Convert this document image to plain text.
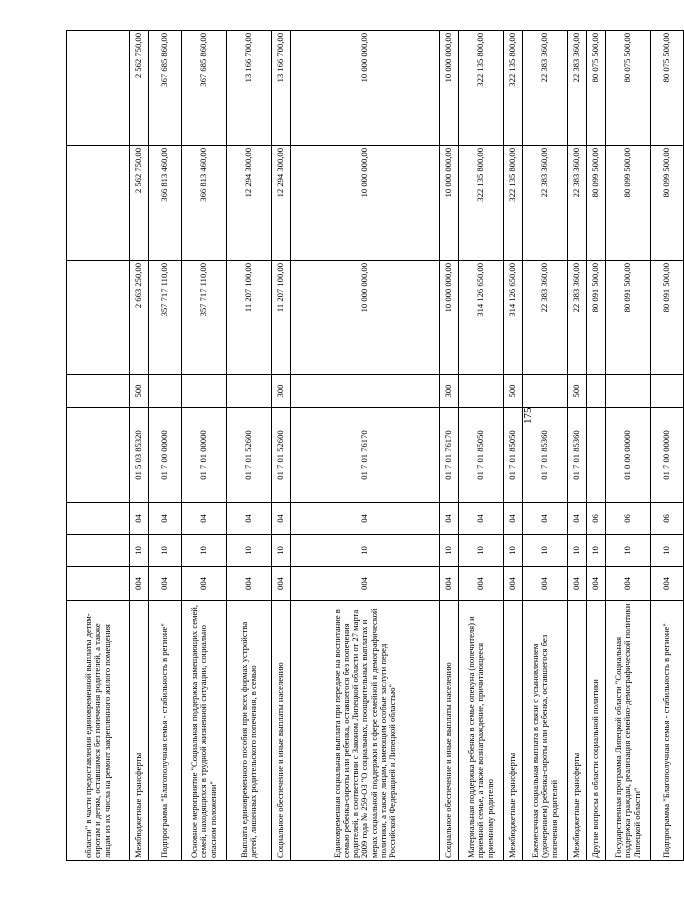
175
области" в части предоставления единовременной выплаты детям-сиротам и детям, оставшимся без попечения родителей, а также лицам из их числа на ремонт закрепленного жилого помещения								
Межбюджетные трансферты	004	10	04	01 5 03 85320	500	2 663 250,00	2 562 750,00	2 562 750,00
Подпрограмма "Благополучная семья - стабильность в регионе"	004	10	04	01 7 00 00000		357 717 110,00	366 813 460,00	367 685 860,00
Основное мероприятие "Социальная поддержка замещающих семей, семей, находящихся в трудной жизненной ситуации, социально опасном положении"	004	10	04	01 7 01 00000		357 717 110,00	366 813 460,00	367 685 860,00
Выплата единовременного пособия при всех формах устройства детей, лишенных родительского попечения, в семью	004	10	04	01 7 01 52600		11 207 100,00	12 294 300,00	13 166 700,00
Социальное обеспечение и иные выплаты населению	004	10	04	01 7 01 52600	300	11 207 100,00	12 294 300,00	13 166 700,00
Единовременная социальная выплата при передаче на воспитание в семью ребенка-сироты или ребенка, оставшегося без попечения родителей, в соответствии с Законом Липецкой области от 27 марта 2009 года № 259-ОЗ "О социальных, поощрительных выплатах и мерах социальной поддержки в сфере семейной и демографической политики, а также лицам, имеющим особые заслуги перед Российской Федерацией и Липецкой областью"	004	10	04	01 7 01 76170		10 000 000,00	10 000 000,00	10 000 000,00
Социальное обеспечение и иные выплаты населению	004	10	04	01 7 01 76170	300	10 000 000,00	10 000 000,00	10 000 000,00
Материальная поддержка ребенка в семье опекуна (попечителя) и приемной семье, а также вознаграждение, причитающееся приемному родителю	004	10	04	01 7 01 85050		314 126 650,00	322 135 800,00	322 135 800,00
Межбюджетные трансферты	004	10	04	01 7 01 85050	500	314 126 650,00	322 135 800,00	322 135 800,00
Ежемесячная социальная выплата в связи с усыновлением (удочерением) ребенка-сироты или ребенка, оставшегося без попечения родителей	004	10	04	01 7 01 85360		22 383 360,00	22 383 360,00	22 383 360,00
Межбюджетные трансферты	004	10	04	01 7 01 85360	500	22 383 360,00	22 383 360,00	22 383 360,00
Другие вопросы в области социальной политики	004	10	06			80 091 500,00	80 099 500,00	80 075 500,00
Государственная программа Липецкой области "Социальная поддержка граждан, реализация семейно-демографической политики Липецкой области"	004	10	06	01 0 00 00000		80 091 500,00	80 099 500,00	80 075 500,00
Подпрограмма "Благополучная семья - стабильность в регионе"	004	10	06	01 7 00 00000		80 091 500,00	80 099 500,00	80 075 500,00
